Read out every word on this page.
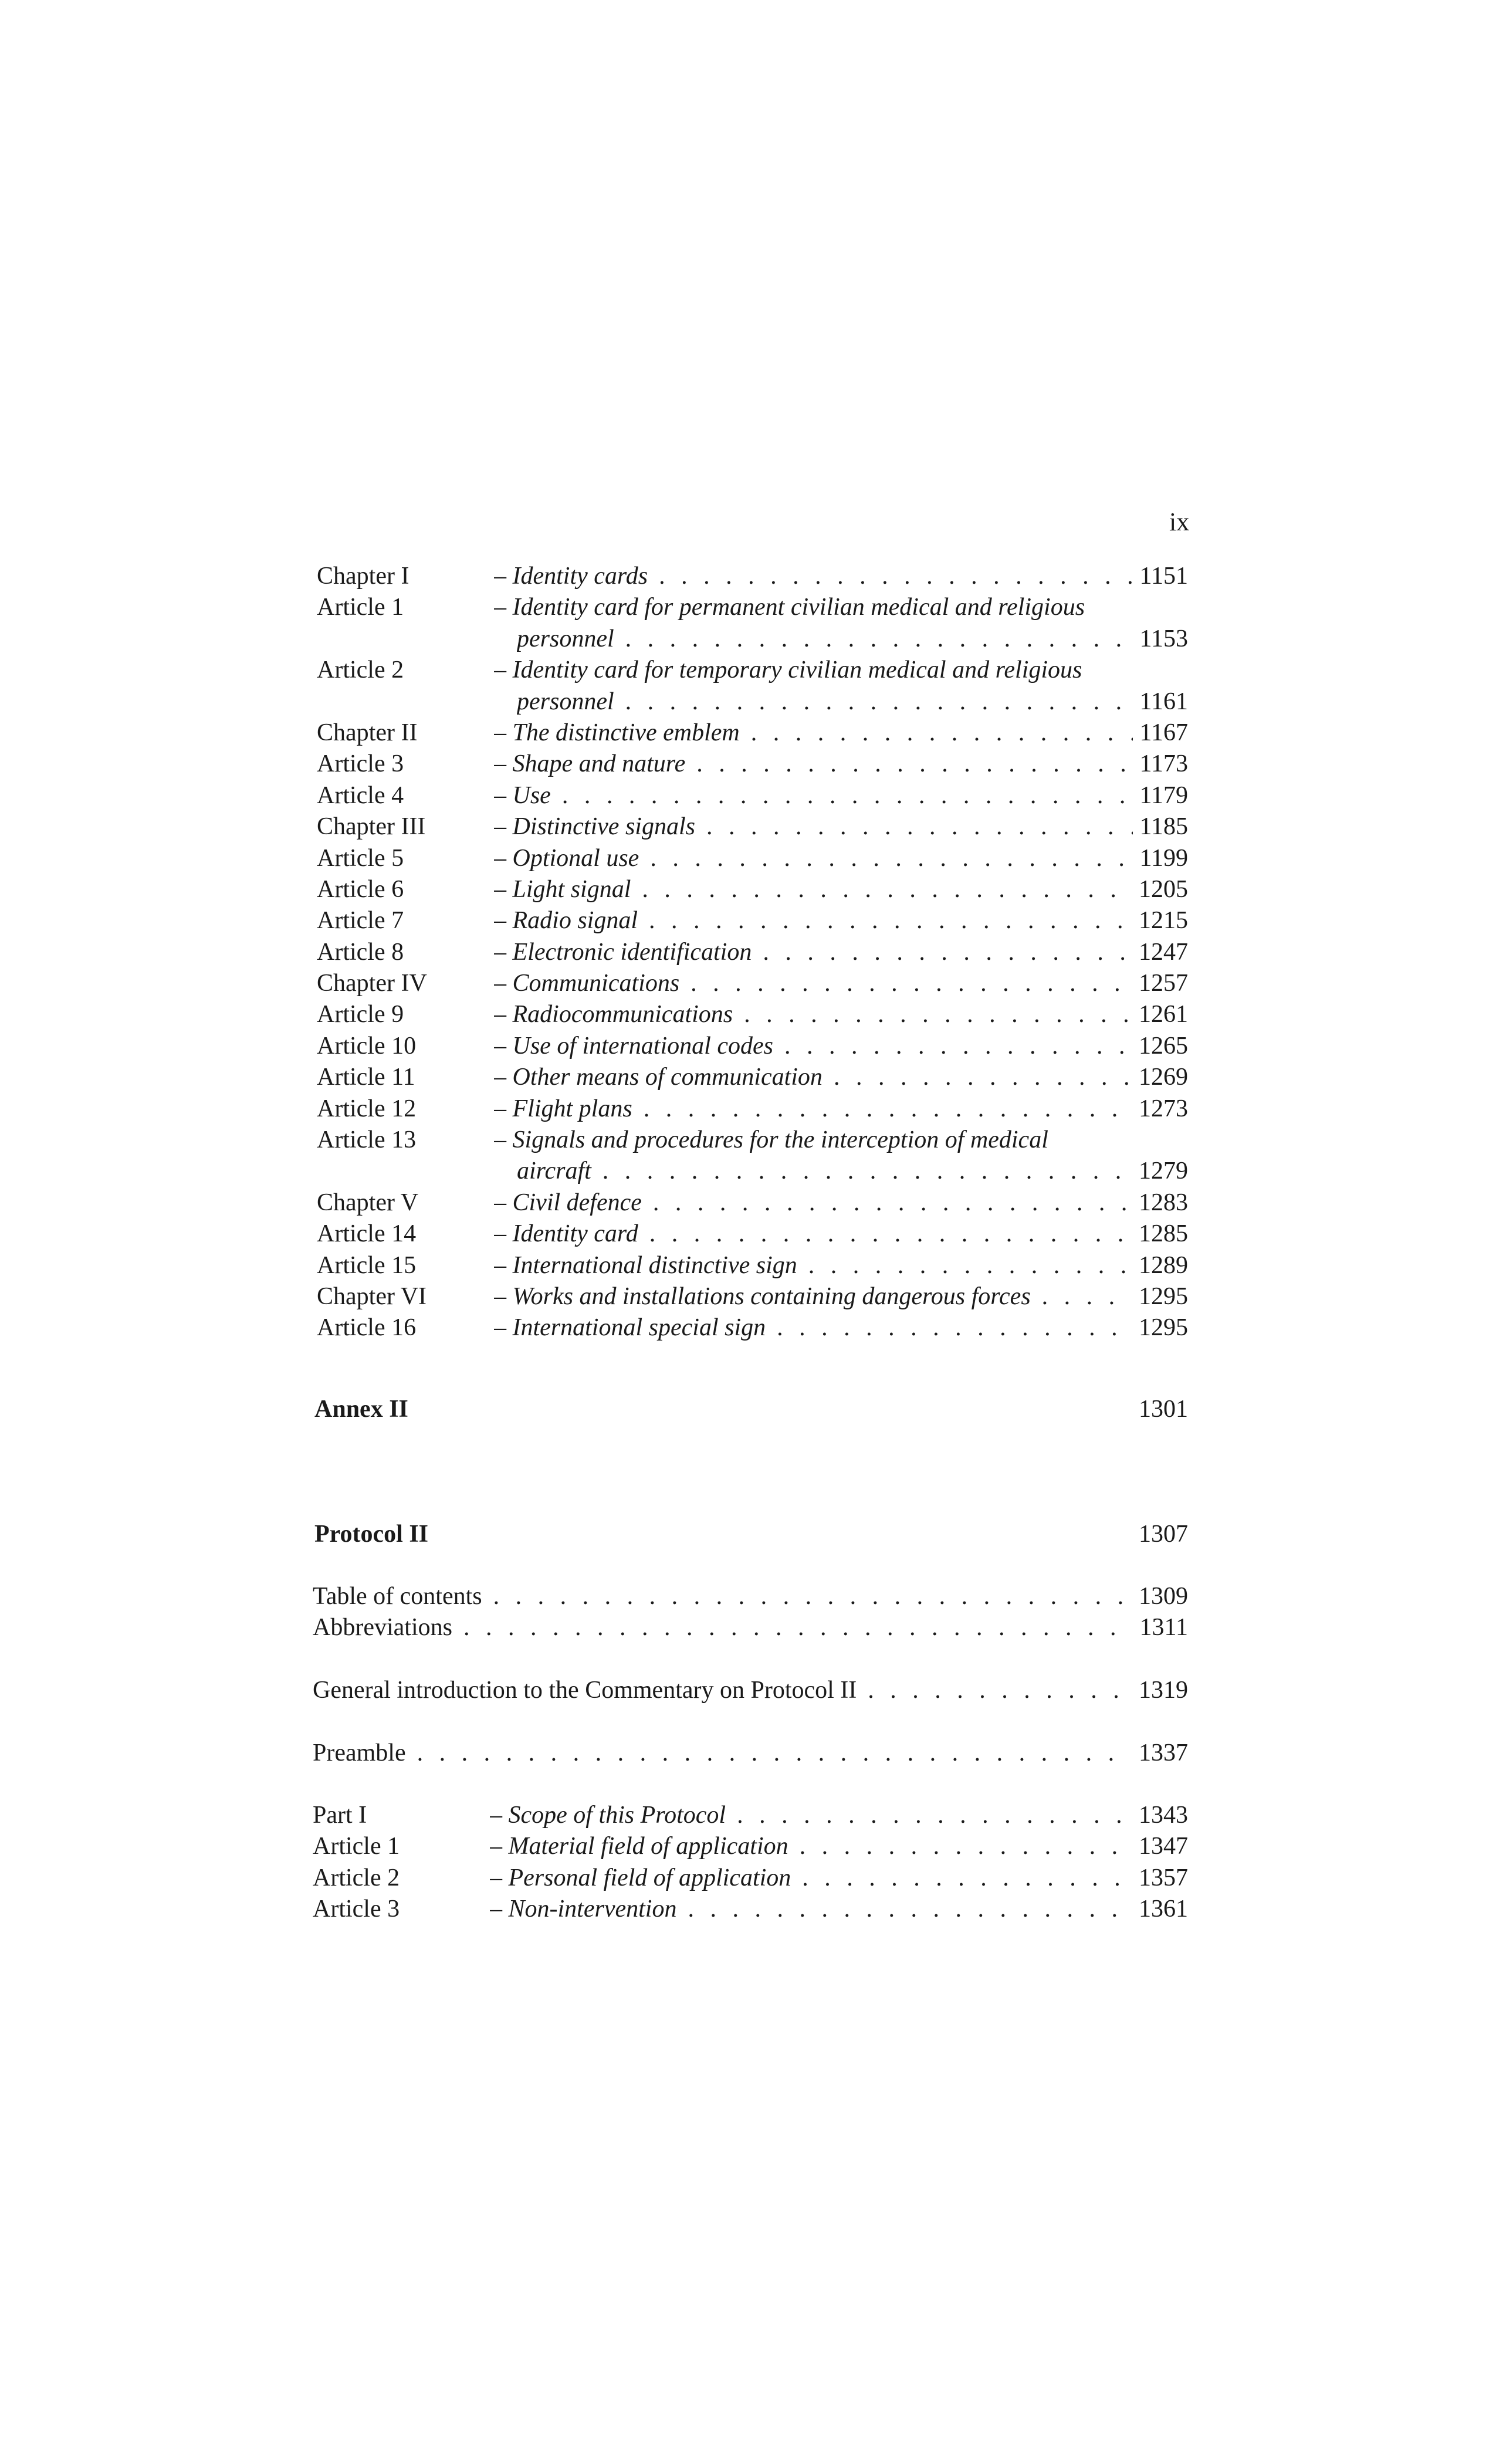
ix
Chapter I	– Identity cards . . .	1151
Article 1	– Identity card for permanent civilian medical and religious
personnel . . .	1153
Article 2	– Identity card for temporary civilian medical and religious
personnel . . .	1161
Chapter II	– The distinctive emblem . . .	1167
Article 3	– Shape and nature . . .	1173
Article 4	– Use . . .	1179
Chapter III	– Distinctive signals . . .	1185
Article 5	– Optional use . . .	1199
Article 6	– Light signal . . .	1205
Article 7	– Radio signal . . .	1215
Article 8	– Electronic identification . . .	1247
Chapter IV	– Communications . . .	1257
Article 9	– Radiocommunications . . .	1261
Article 10	– Use of international codes . . .	1265
Article 11	– Other means of communication . . .	1269
Article 12	– Flight plans . . .	1273
Article 13	– Signals and procedures for the interception of medical
aircraft . . .	1279
Chapter V	– Civil defence . . .	1283
Article 14	– Identity card . . .	1285
Article 15	– International distinctive sign . . .	1289
Chapter VI	– Works and installations containing dangerous forces . . .	1295
Article 16	– International special sign . . .	1295
Annex II	1301
Protocol II	1307
Table of contents . . .	1309
Abbreviations . . .	1311
General introduction to the Commentary on Protocol II . . .	1319
Preamble . . .	1337
Part I	– Scope of this Protocol . . .	1343
Article 1	– Material field of application . . .	1347
Article 2	– Personal field of application . . .	1357
Article 3	– Non-intervention . . .	1361
